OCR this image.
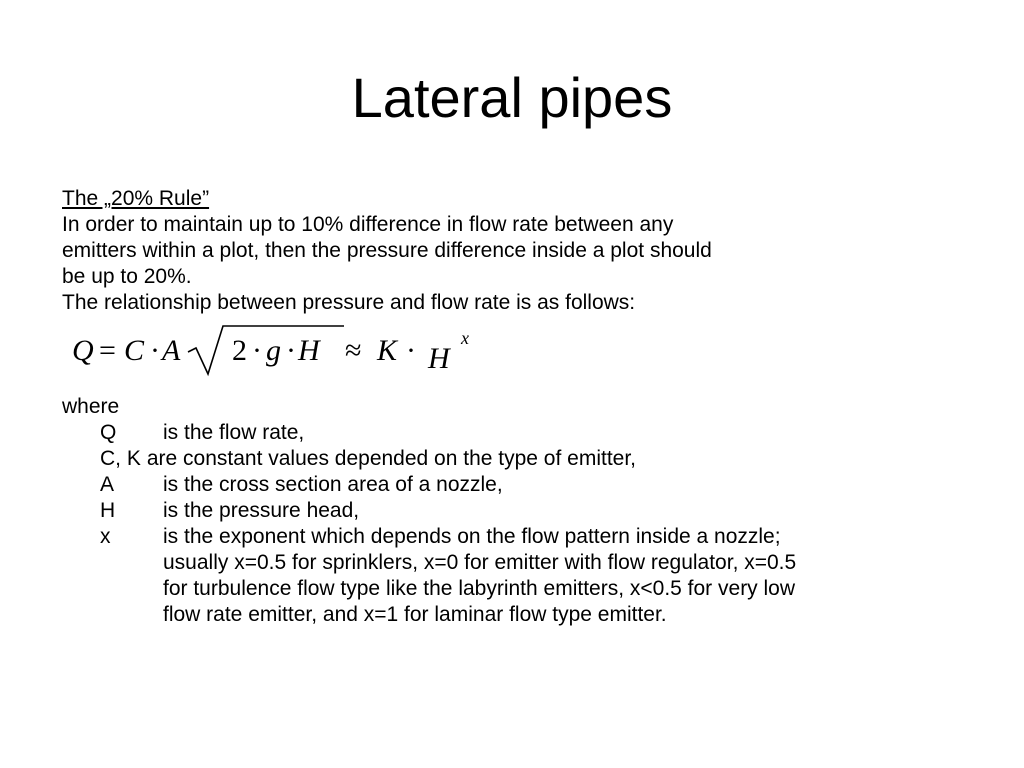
Lateral pipes
The „20% Rule”
In order to maintain up to 10% difference in flow rate between any
emitters within a plot, then the pressure difference inside a plot should
be up to 20%.
The relationship between pressure and flow rate is as follows:
Q = C · A 2 · g · H ≈ K · H
x
where
Q	is the flow rate,
C, K are constant values depended on the type of emitter,
A	is the cross section area of a nozzle,
H	is the pressure head,
x	is the exponent which depends on the flow pattern inside a nozzle;
usually x=0.5 for sprinklers, x=0 for emitter with flow regulator, x=0.5
for turbulence flow type like the labyrinth emitters, x<0.5 for very low
flow rate emitter, and x=1 for laminar flow type emitter.
